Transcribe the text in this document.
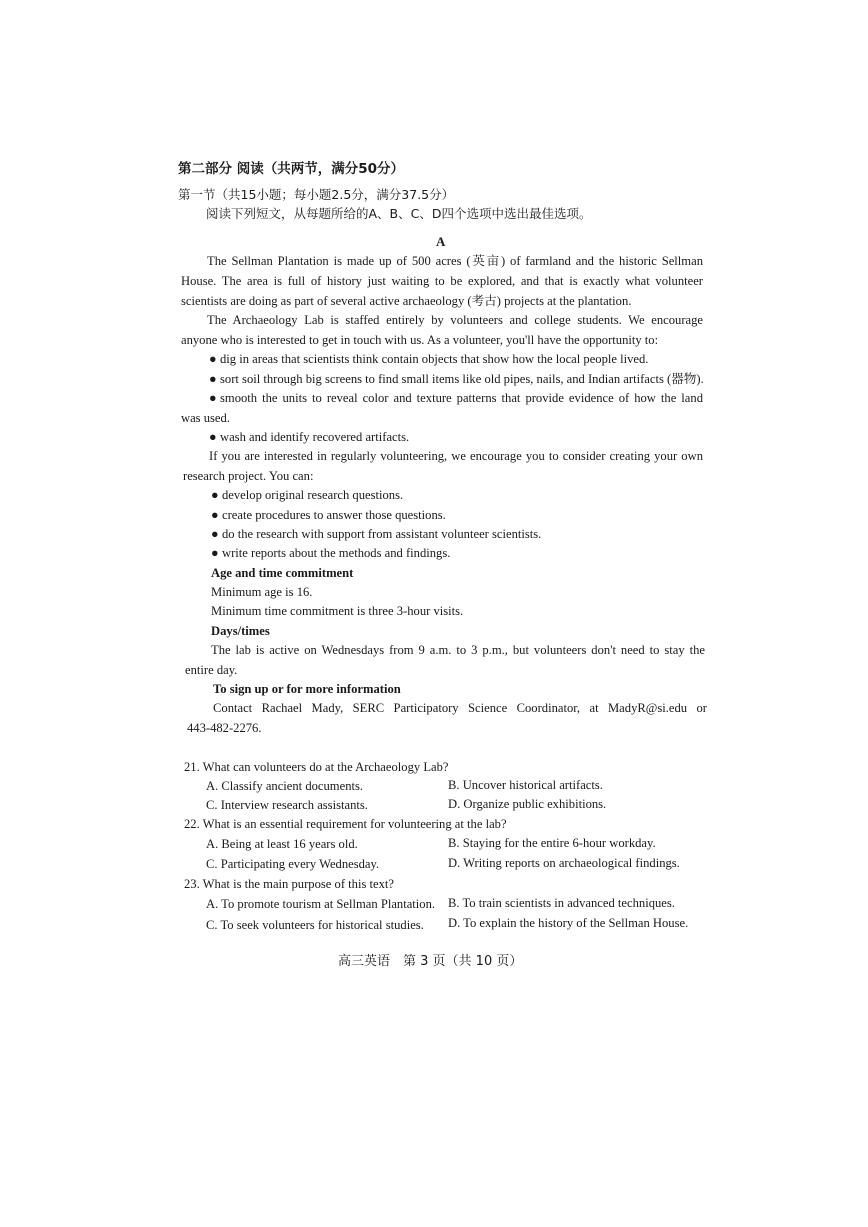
第二部分 阅读（共两节，满分50分）
第一节（共15小题；每小题2.5分，满分37.5分）
阅读下列短文，从每题所给的A、B、C、D四个选项中选出最佳选项。
A
The Sellman Plantation is made up of 500 acres (英亩) of farmland and the historic Sellman
House. The area is full of history just waiting to be explored, and that is exactly what volunteer
scientists are doing as part of several active archaeology (考古) projects at the plantation.
The Archaeology Lab is staffed entirely by volunteers and college students. We encourage
anyone who is interested to get in touch with us. As a volunteer, you'll have the opportunity to:
● dig in areas that scientists think contain objects that show how the local people lived.
● sort soil through big screens to find small items like old pipes, nails, and Indian artifacts (器物).
● smooth the units to reveal color and texture patterns that provide evidence of how the land
was used.
● wash and identify recovered artifacts.
If you are interested in regularly volunteering, we encourage you to consider creating your own
research project. You can:
● develop original research questions.
● create procedures to answer those questions.
● do the research with support from assistant volunteer scientists.
● write reports about the methods and findings.
Age and time commitment
Minimum age is 16.
Minimum time commitment is three 3-hour visits.
Days/times
The lab is active on Wednesdays from 9 a.m. to 3 p.m., but volunteers don't need to stay the
entire day.
To sign up or for more information
Contact Rachael Mady, SERC Participatory Science Coordinator, at MadyR@si.edu or
443-482-2276.
21. What can volunteers do at the Archaeology Lab?
A. Classify ancient documents.	B. Uncover historical artifacts.
C. Interview research assistants.	D. Organize public exhibitions.
22. What is an essential requirement for volunteering at the lab?
A. Being at least 16 years old.	B. Staying for the entire 6-hour workday.
C. Participating every Wednesday.	D. Writing reports on archaeological findings.
23. What is the main purpose of this text?
A. To promote tourism at Sellman Plantation. B. To train scientists in advanced techniques.
C. To seek volunteers for historical studies. D. To explain the history of the Sellman House.
高三英语　第 3 页（共 10 页）
